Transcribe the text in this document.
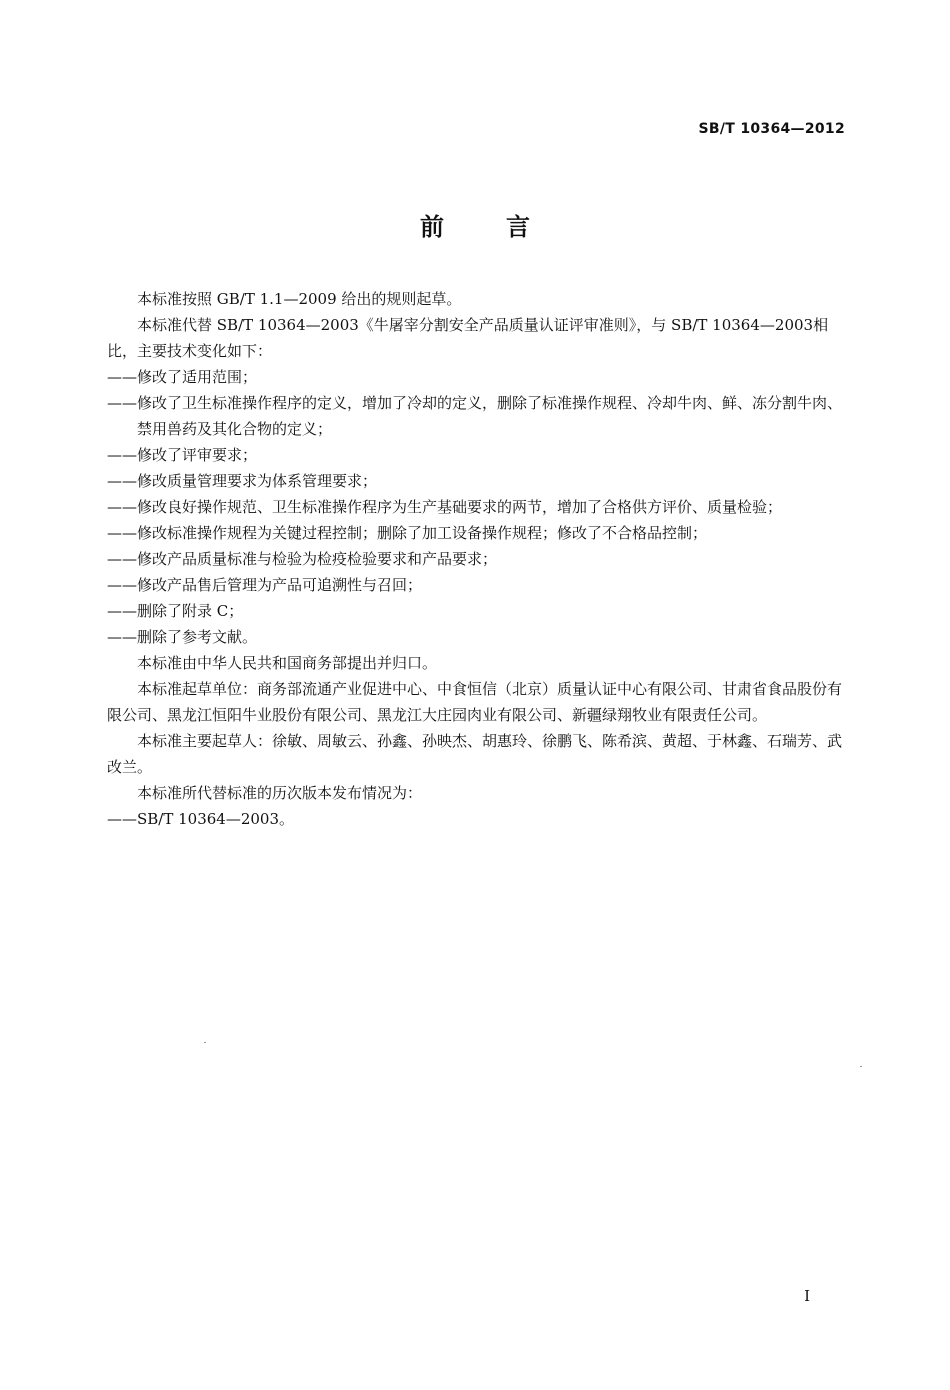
SB/T 10364—2012
前言

本标准按照 GB/T 1.1—2009 给出的规则起草。

本标准代替 SB/T 10364—2003《牛屠宰分割安全产品质量认证评审准则》，与 SB/T 10364—2003相比，主要技术变化如下：

——修改了适用范围；

——修改了卫生标准操作程序的定义，增加了冷却的定义，删除了标准操作规程、冷却牛肉、鲜、冻分割牛肉、禁用兽药及其化合物的定义；

——修改了评审要求；

——修改质量管理要求为体系管理要求；

——修改良好操作规范、卫生标准操作程序为生产基础要求的两节，增加了合格供方评价、质量检验；

——修改标准操作规程为关键过程控制；删除了加工设备操作规程；修改了不合格品控制；

——修改产品质量标准与检验为检疫检验要求和产品要求；

——修改产品售后管理为产品可追溯性与召回；

——删除了附录 C；

——删除了参考文献。

本标准由中华人民共和国商务部提出并归口。

本标准起草单位：商务部流通产业促进中心、中食恒信（北京）质量认证中心有限公司、甘肃省食品股份有限公司、黑龙江恒阳牛业股份有限公司、黑龙江大庄园肉业有限公司、新疆绿翔牧业有限责任公司。

本标准主要起草人：徐敏、周敏云、孙鑫、孙映杰、胡惠玲、徐鹏飞、陈希滨、黄超、于林鑫、石瑞芳、武改兰。

本标准所代替标准的历次版本发布情况为：

——SB/T 10364—2003。

I
